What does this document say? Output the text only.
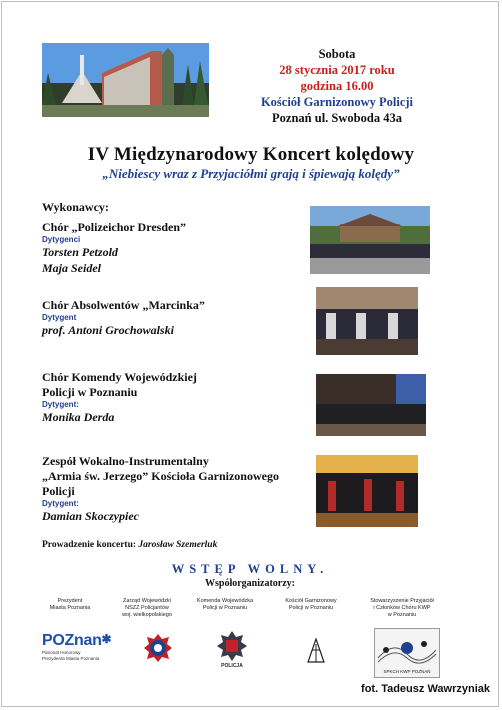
Sobota
28 stycznia 2017 roku
godzina 16.00
Kościół Garnizonowy Policji
Poznań ul. Swoboda 43a
IV Międzynarodowy Koncert kolędowy
„Niebiescy wraz z Przyjaciółmi grają i śpiewają kolędy”
Wykonawcy:
Chór „Polizeichor Dresden”
Dytygenci
Torsten Petzold
Maja Seidel
Chór Absolwentów „Marcinka”
Dytygent
prof. Antoni Grochowalski
Chór Komendy Wojewódzkiej
Policji w Poznaniu
Dytygent:
Monika Derda
Zespół Wokalno-Instrumentalny
„Armia św. Jerzego” Kościoła Garnizonowego
Policji
Dytygent:
Damian Skoczypiec
Prowadzenie koncertu: Jarosław Szemerluk
WSTĘP WOLNY.
Współorganizatorzy:
Prezydent
Miasta Poznania
Zarząd Wojewódzki
NSZZ Policjantów
woj. wielkopolskiego
Komenda Wojewódzka
Policji w Poznaniu
Kościół Garnizonowy
Policji w Poznaniu
Stowarzyszenie Przyjaciół
i Członków Chóru KWP
w Poznaniu
POZnan✱
Patronat Honorowy
Prezydenta Miasta Poznania
POLICJA
SPKCH KWP POZNAŃ
fot. Tadeusz Wawrzyniak
